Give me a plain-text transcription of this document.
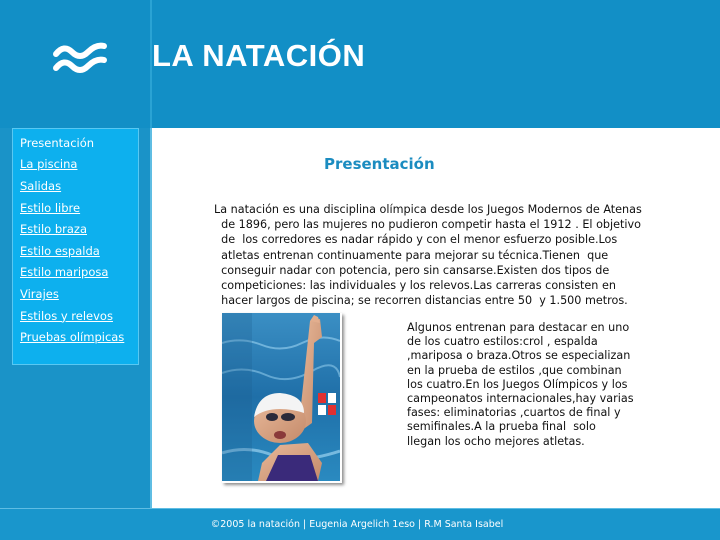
LA NATACIÓN
Presentación
La piscina
Salidas
Estilo libre
Estilo braza
Estilo espalda
Estilo mariposa
Virajes
Estilos y relevos
Pruebas olímpicas
Presentación
La natación es una disciplina olímpica desde los Juegos Modernos de Atenas
de 1896, pero las mujeres no pudieron competir hasta el 1912 . El objetivo
de  los corredores es nadar rápido y con el menor esfuerzo posible.Los
atletas entrenan continuamente para mejorar su técnica.Tienen  que
conseguir nadar con potencia, pero sin cansarse.Existen dos tipos de
competiciones: las individuales y los relevos.Las carreras consisten en
hacer largos de piscina; se recorren distancias entre 50  y 1.500 metros.
Algunos entrenan para destacar en uno
de los cuatro estilos:crol , espalda
,mariposa o braza.Otros se especializan
en la prueba de estilos ,que combinan
los cuatro.En los Juegos Olímpicos y los
campeonatos internacionales,hay varias
fases: eliminatorias ,cuartos de final y
semifinales.A la prueba final  solo
llegan los ocho mejores atletas.
©2005 la natación | Eugenia Argelich 1eso | R.M Santa Isabel
